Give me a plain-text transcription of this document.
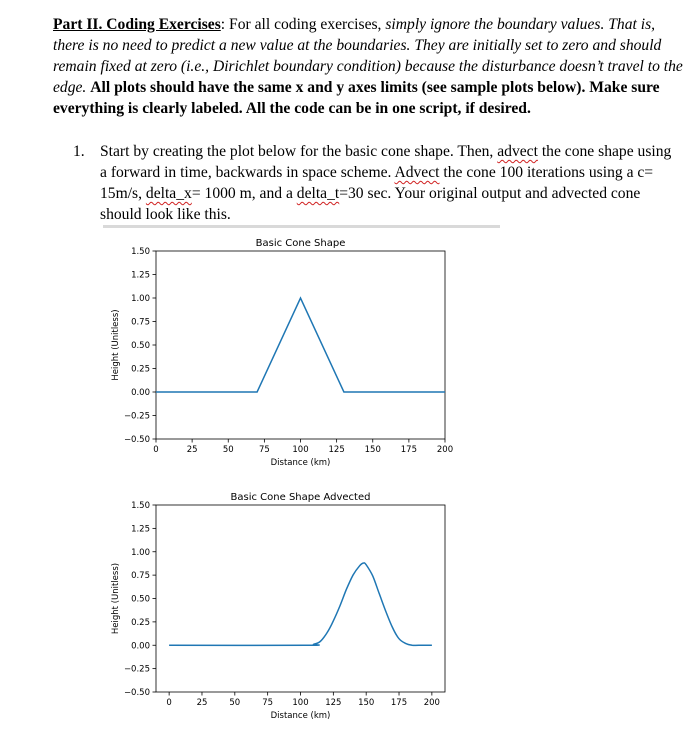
Part II. Coding Exercises: For all coding exercises, simply ignore the boundary values. That is, there is no need to predict a new value at the boundaries. They are initially set to zero and should remain fixed at zero (i.e., Dirichlet boundary condition) because the disturbance doesn’t travel to the edge. All plots should have the same x and y axes limits (see sample plots below). Make sure everything is clearly labeled. All the code can be in one script, if desired.
1. Start by creating the plot below for the basic cone shape. Then, advect the cone shape using a forward in time, backwards in space scheme. Advect the cone 100 iterations using a c= 15m/s, delta_x= 1000 m, and a delta_t=30 sec. Your original output and advected cone should look like this.
Basic Cone Shape
0	25	50	75	100 125 150 175 200
1.50
1.25
1.00
0.75
0.50
0.25
0.00
−0.25
−0.50
Distance (km)
Height (Unitless)
Basic Cone Shape Advected
0	25	50	75 100 125 150 175 200
1.50
1.25
1.00
0.75
0.50
0.25
0.00
−0.25
−0.50
Distance (km)
Height (Unitless)
